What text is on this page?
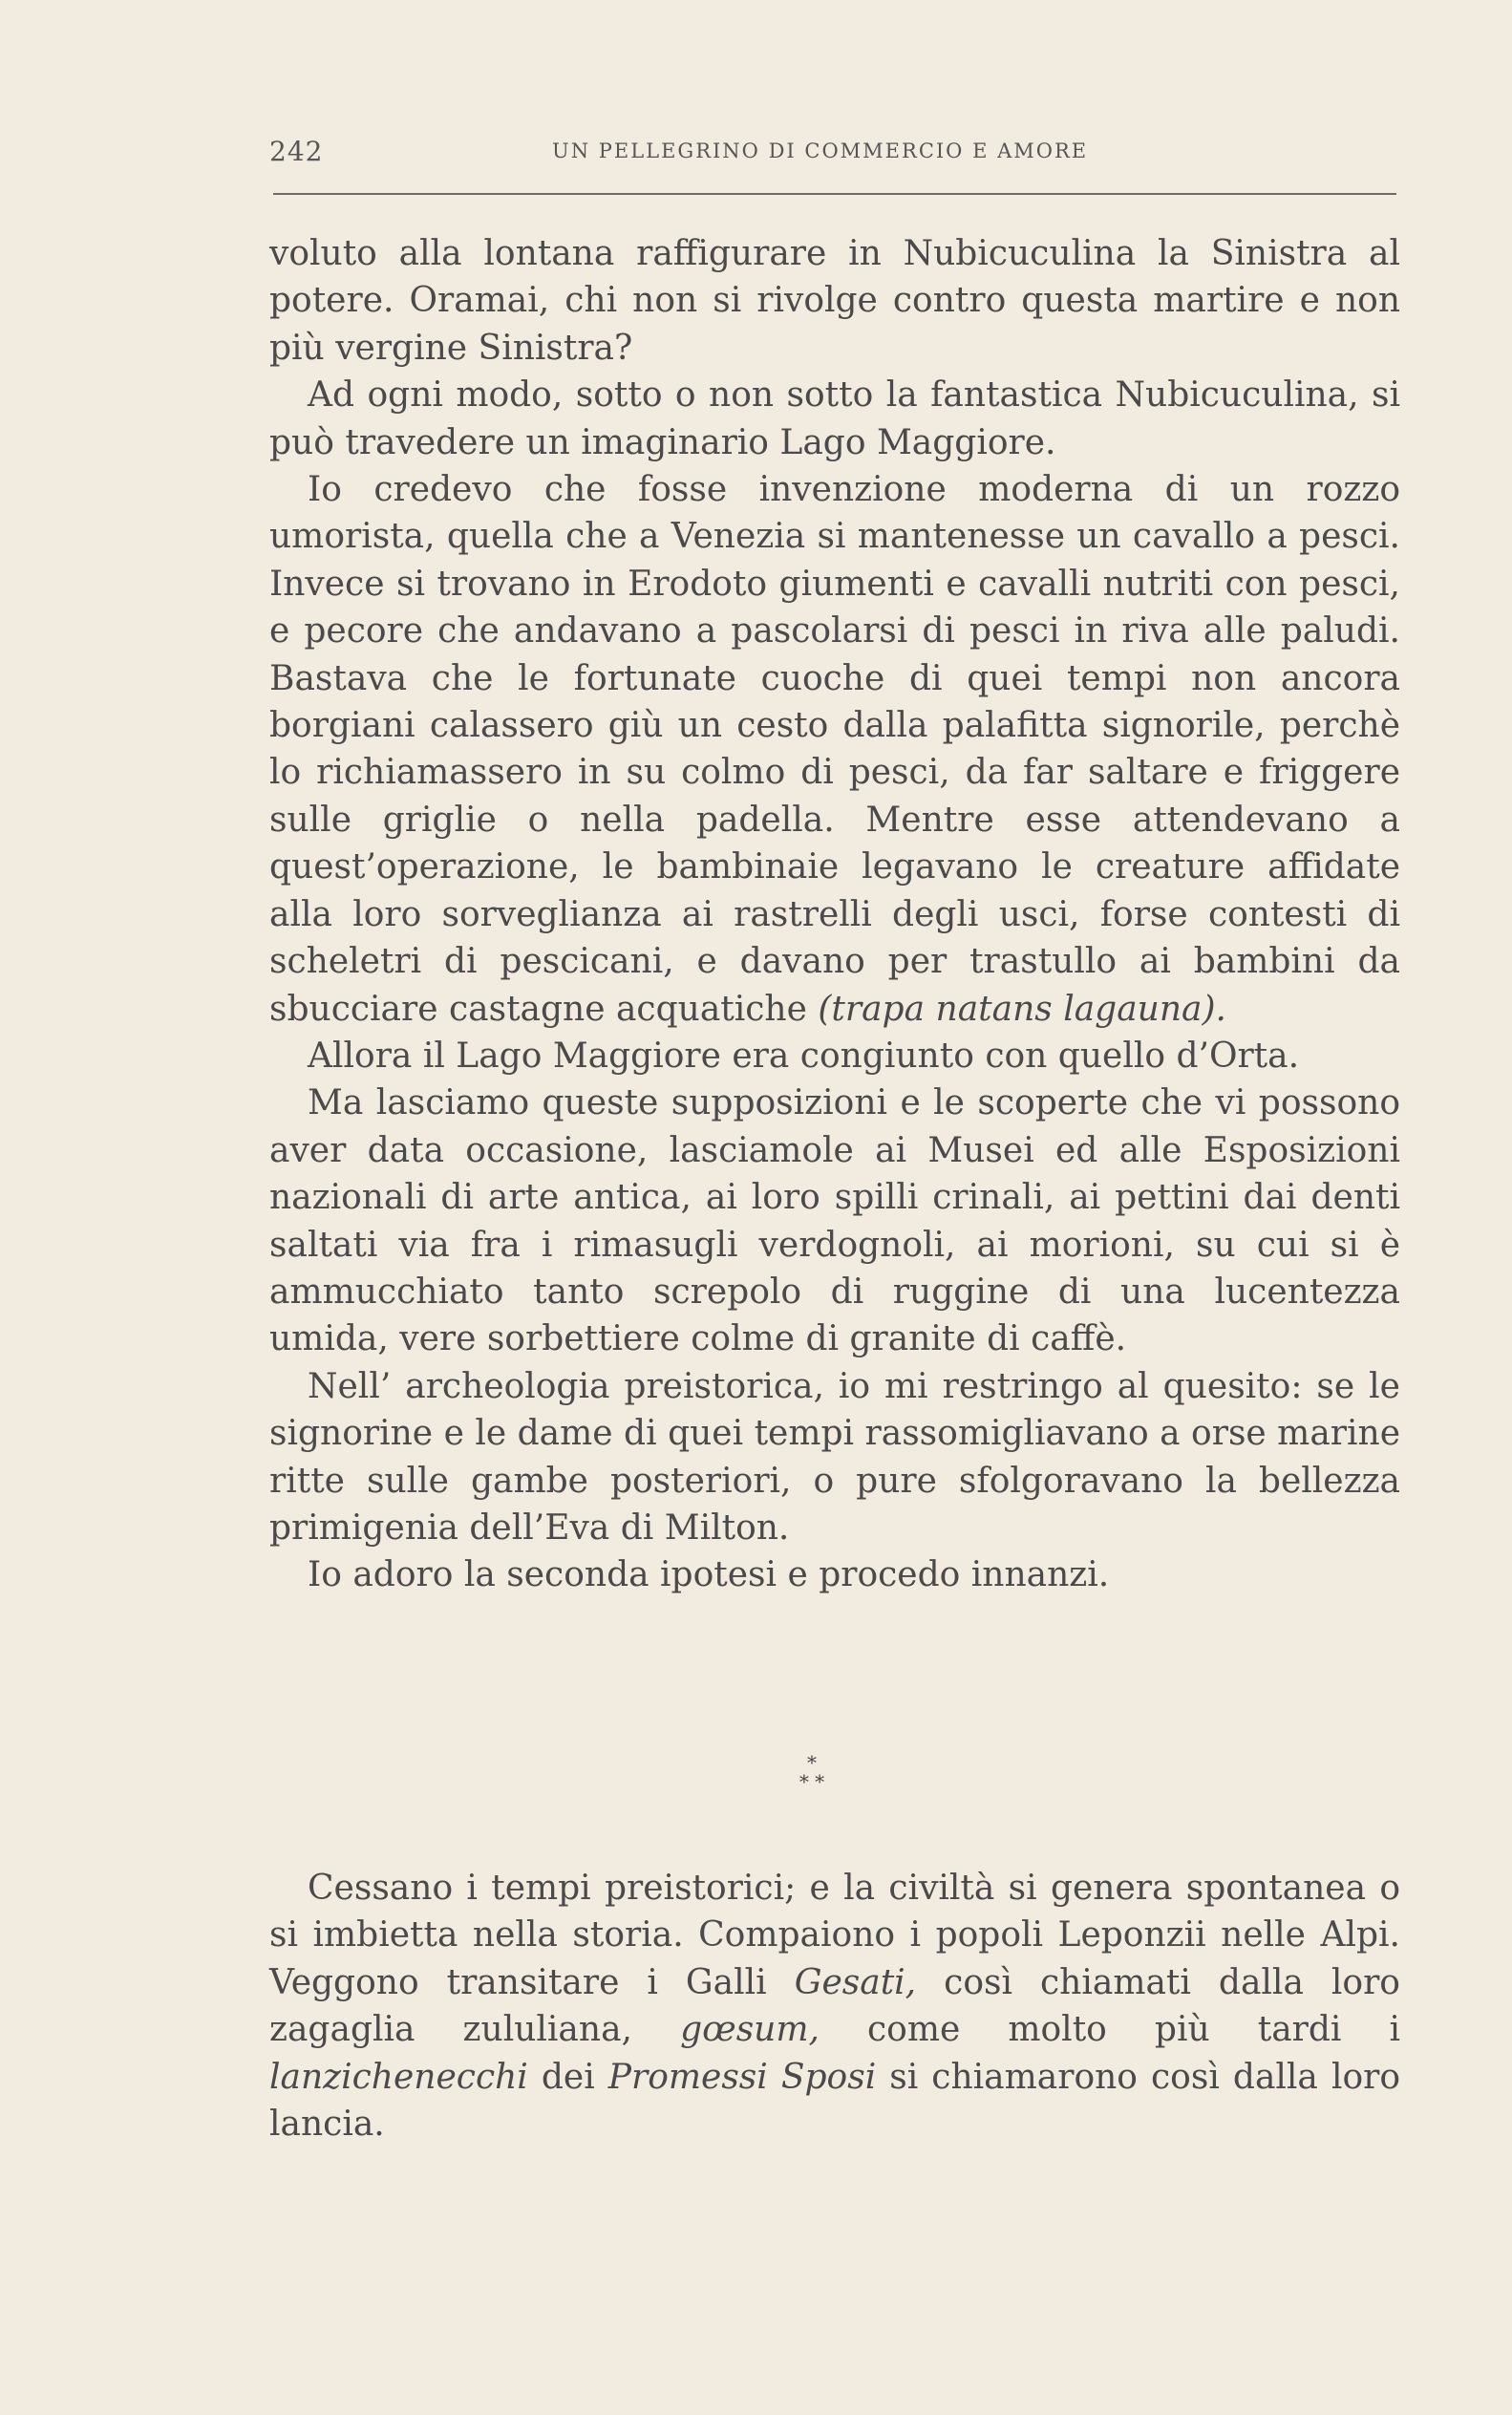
242	UN PELLEGRINO DI COMMERCIO E AMORE

voluto alla lontana raffigurare in Nubicuculina la Sinistra al potere. Oramai, chi non si rivolge contro questa martire e non più vergine Sinistra?

Ad ogni modo, sotto o non sotto la fantastica Nubicuculina, si può travedere un imaginario Lago Maggiore.

Io credevo che fosse invenzione moderna di un rozzo umorista, quella che a Venezia si mantenesse un cavallo a pesci. Invece si trovano in Erodoto giumenti e cavalli nutriti con pesci, e pecore che andavano a pascolarsi di pesci in riva alle paludi. Bastava che le fortunate cuoche di quei tempi non ancora borgiani calassero giù un cesto dalla palafitta signorile, perchè lo richiamassero in su colmo di pesci, da far saltare e friggere sulle griglie o nella padella. Mentre esse attendevano a quest’operazione, le bambinaie legavano le creature affidate alla loro sorveglianza ai rastrelli degli usci, forse contesti di scheletri di pescicani, e davano per trastullo ai bambini da sbucciare castagne acquatiche (trapa natans lagauna).

Allora il Lago Maggiore era congiunto con quello d’Orta.

Ma lasciamo queste supposizioni e le scoperte che vi possono aver data occasione, lasciamole ai Musei ed alle Esposizioni nazionali di arte antica, ai loro spilli crinali, ai pettini dai denti saltati via fra i rimasugli verdognoli, ai morioni, su cui si è ammucchiato tanto screpolo di ruggine di una lucentezza umida, vere sorbettiere colme di granite di caffè.

Nell’ archeologia preistorica, io mi restringo al quesito: se le signorine e le dame di quei tempi rassomigliavano a orse marine ritte sulle gambe posteriori, o pure sfolgoravano la bellezza primigenia dell’Eva di Milton.

Io adoro la seconda ipotesi e procedo innanzi.

*
* *

Cessano i tempi preistorici; e la civiltà si genera spontanea o si imbietta nella storia. Compaiono i popoli Leponzii nelle Alpi. Veggono transitare i Galli Gesati, così chiamati dalla loro zagaglia zululiana, gœsum, come molto più tardi i lanzichenecchi dei Promessi Sposi si chiamarono così dalla loro lancia.
